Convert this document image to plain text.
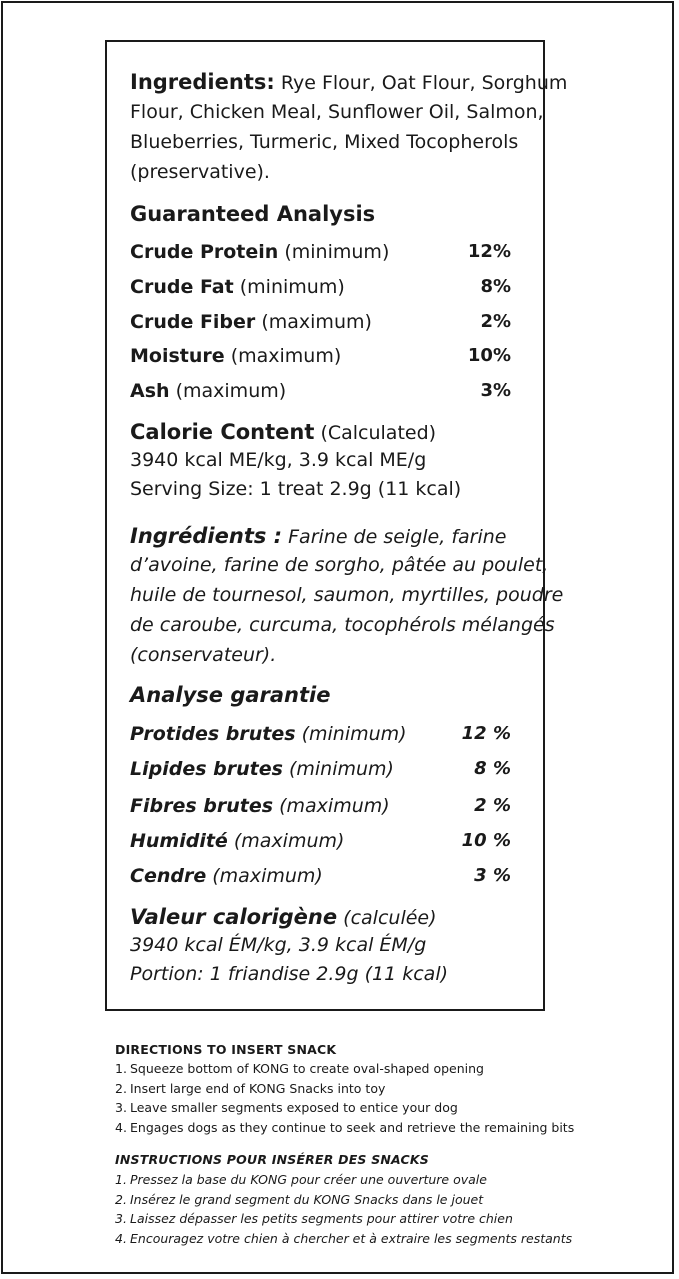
Ingredients: Rye Flour, Oat Flour, Sorghum
Flour, Chicken Meal, Sunflower Oil, Salmon,
Blueberries, Turmeric, Mixed Tocopherols
(preservative).
Guaranteed Analysis
Crude Protein (minimum)	12%
Crude Fat (minimum)	8%
Crude Fiber (maximum)	2%
Moisture (maximum)	10%
Ash (maximum)	3%
Calorie Content (Calculated)
3940 kcal ME/kg, 3.9 kcal ME/g
Serving Size: 1 treat 2.9g (11 kcal)
Ingrédients : Farine de seigle, farine
d’avoine, farine de sorgho, pâtée au poulet,
huile de tournesol, saumon, myrtilles, poudre
de caroube, curcuma, tocophérols mélangés
(conservateur).
Analyse garantie
Protides brutes (minimum)	12 %
Lipides brutes (minimum)	8 %
Fibres brutes (maximum)	2 %
Humidité (maximum)	10 %
Cendre (maximum)	3 %
Valeur calorigène (calculée)
3940 kcal ÉM/kg, 3.9 kcal ÉM/g
Portion: 1 friandise 2.9g (11 kcal)
DIRECTIONS TO INSERT SNACK
1. Squeeze bottom of KONG to create oval-shaped opening
2. Insert large end of KONG Snacks into toy
3. Leave smaller segments exposed to entice your dog
4. Engages dogs as they continue to seek and retrieve the remaining bits
INSTRUCTIONS POUR INSÉRER DES SNACKS
1. Pressez la base du KONG pour créer une ouverture ovale
2. Insérez le grand segment du KONG Snacks dans le jouet
3. Laissez dépasser les petits segments pour attirer votre chien
4. Encouragez votre chien à chercher et à extraire les segments restants
